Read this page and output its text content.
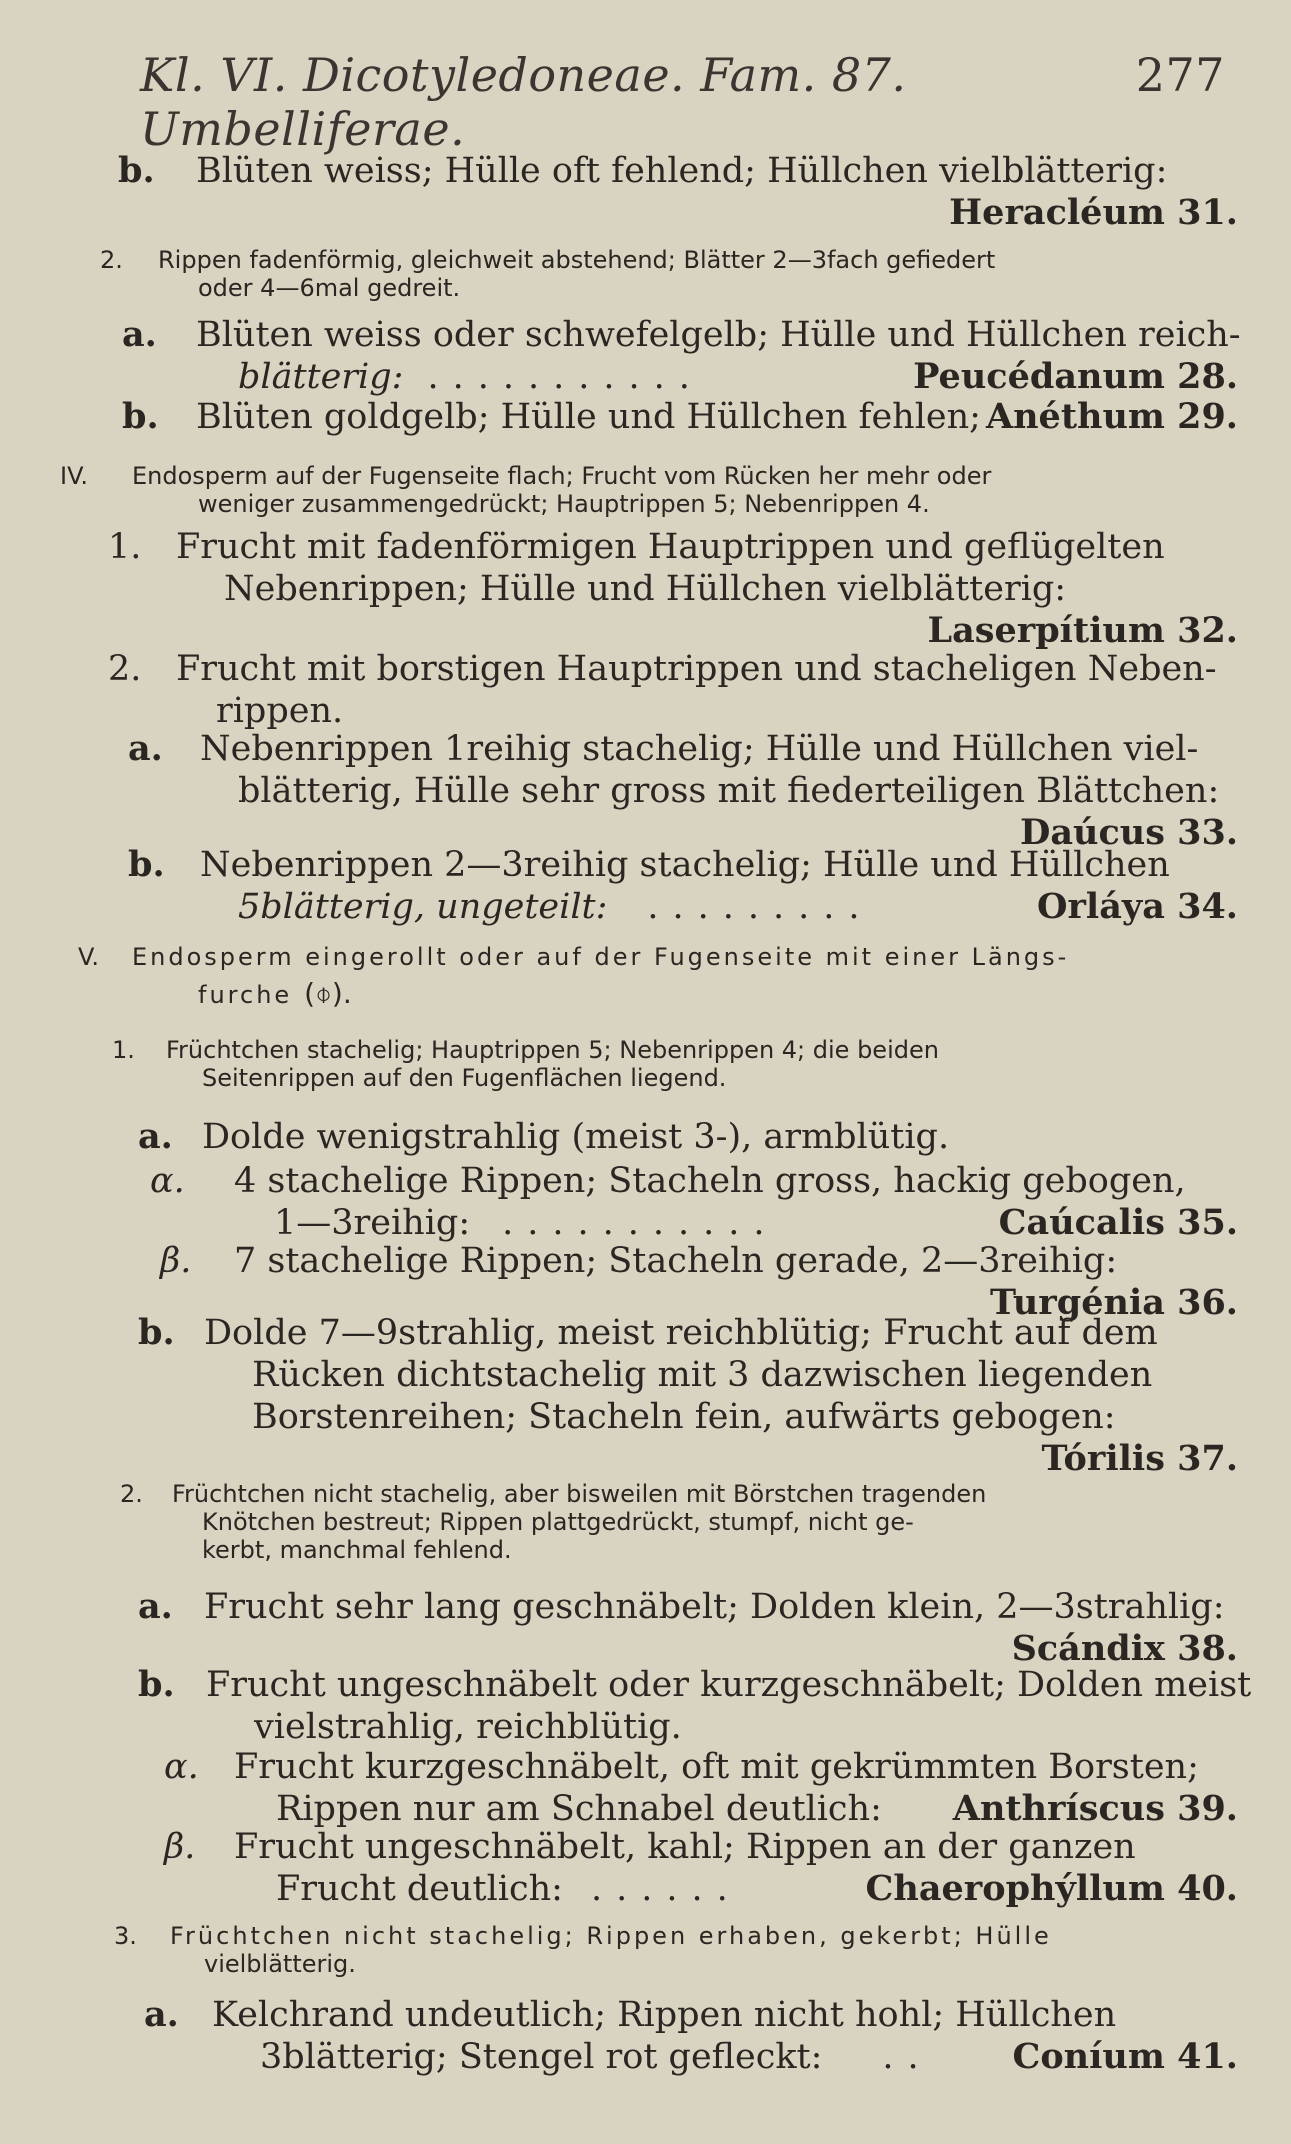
Kl. VI. Dicotyledoneae. Fam. 87. Umbelliferae.
277
b. Blüten weiss; Hülle oft fehlend; Hüllchen vielblätterig:
Heracléum 31.
2. Rippen fadenförmig, gleichweit abstehend; Blätter 2—3fach gefiedert
oder 4—6mal gedreit.
a. Blüten weiss oder schwefelgelb; Hülle und Hüllchen reich-
blätterig: ...........	Peucédanum 28.
b. Blüten goldgelb; Hülle und Hüllchen fehlen; Anéthum 29.
IV. Endosperm auf der Fugenseite flach; Frucht vom Rücken her mehr oder
weniger zusammengedrückt; Hauptrippen 5; Nebenrippen 4.
1. Frucht mit fadenförmigen Hauptrippen und geflügelten
Nebenrippen; Hülle und Hüllchen vielblätterig:
Laserpítium 32.
2. Frucht mit borstigen Hauptrippen und stacheligen Neben-
rippen.
a. Nebenrippen 1reihig stachelig; Hülle und Hüllchen viel-
blätterig, Hülle sehr gross mit fiederteiligen Blättchen:
Daúcus 33.
b. Nebenrippen 2—3reihig stachelig; Hülle und Hüllchen
5blätterig, ungeteilt: .........	Orláya 34.
V. Endosperm eingerollt oder auf der Fugenseite mit einer Längs-
furche (⌽).
1. Früchtchen stachelig; Hauptrippen 5; Nebenrippen 4; die beiden
Seitenrippen auf den Fugenflächen liegend.
a. Dolde wenigstrahlig (meist 3-), armblütig.
α. 4 stachelige Rippen; Stacheln gross, hackig gebogen,
1—3reihig: ...........	Caúcalis 35.
β. 7 stachelige Rippen; Stacheln gerade, 2—3reihig:
Turgénia 36.
b. Dolde 7—9strahlig, meist reichblütig; Frucht auf dem
Rücken dichtstachelig mit 3 dazwischen liegenden
Borstenreihen; Stacheln fein, aufwärts gebogen:
Tórilis 37.
2. Früchtchen nicht stachelig, aber bisweilen mit Börstchen tragenden
Knötchen bestreut; Rippen plattgedrückt, stumpf, nicht ge-
kerbt, manchmal fehlend.
a. Frucht sehr lang geschnäbelt; Dolden klein, 2—3strahlig:
Scándix 38.
b. Frucht ungeschnäbelt oder kurzgeschnäbelt; Dolden meist
vielstrahlig, reichblütig.
α. Frucht kurzgeschnäbelt, oft mit gekrümmten Borsten;
Rippen nur am Schnabel deutlich: Anthríscus 39.
β. Frucht ungeschnäbelt, kahl; Rippen an der ganzen
Frucht deutlich: ......	Chaerophýllum 40.
3. Früchtchen nicht stachelig; Rippen erhaben, gekerbt; Hülle
vielblätterig.
a. Kelchrand undeutlich; Rippen nicht hohl; Hüllchen
3blätterig; Stengel rot gefleckt: .. Coníum 41.
